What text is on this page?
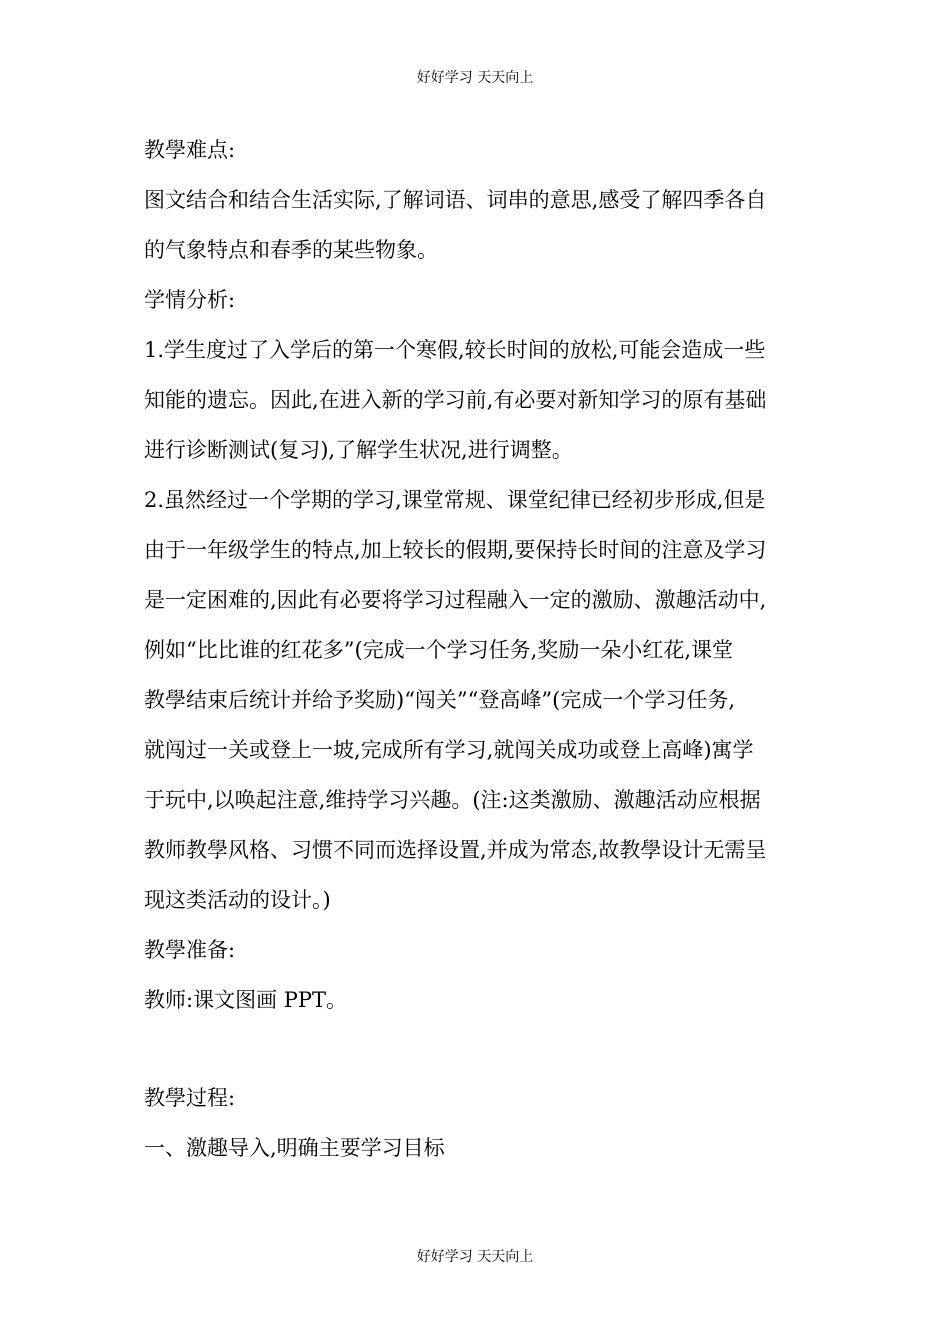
好好学习 天天向上
教學难点:
图文结合和结合生活实际,了解词语、词串的意思,感受了解四季各自
的气象特点和春季的某些物象。
学情分析:
1.学生度过了入学后的第一个寒假,较长时间的放松,可能会造成一些
知能的遗忘。因此,在进入新的学习前,有必要对新知学习的原有基础
进行诊断测试(复习),了解学生状况,进行调整。
2.虽然经过一个学期的学习,课堂常规、课堂纪律已经初步形成,但是
由于一年级学生的特点,加上较长的假期,要保持长时间的注意及学习
是一定困难的,因此有必要将学习过程融入一定的激励、激趣活动中,
例如“比比谁的红花多”(完成一个学习任务,奖励一朵小红花,课堂
教學结束后统计并给予奖励)“闯关”“登高峰”(完成一个学习任务,
就闯过一关或登上一坡,完成所有学习,就闯关成功或登上高峰)寓学
于玩中,以唤起注意,维持学习兴趣。(注:这类激励、激趣活动应根据
教师教學风格、习惯不同而选择设置,并成为常态,故教學设计无需呈
现这类活动的设计。)
教學准备:
教师:课文图画 PPT。
教學过程:
一、激趣导入,明确主要学习目标
好好学习 天天向上
